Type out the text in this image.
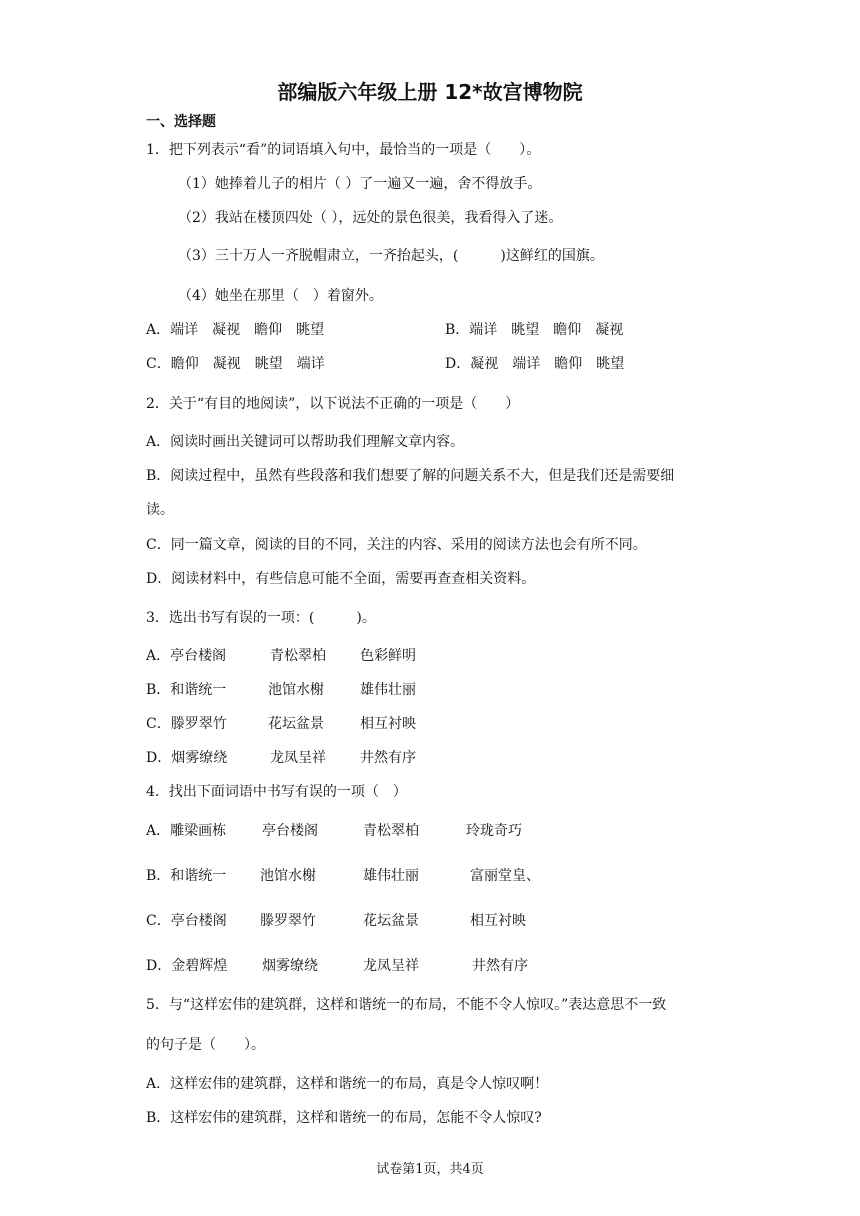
部编版六年级上册 12*故宫博物院
一、选择题
1．把下列表示“看”的词语填入句中，最恰当的一项是（　　）。
（1）她捧着儿子的相片（ ）了一遍又一遍，舍不得放手。
（2）我站在楼顶四处（ ），远处的景色很美，我看得入了迷。
（3）三十万人一齐脱帽肃立，一齐抬起头，(　　　)这鲜红的国旗。
（4）她坐在那里（　）着窗外。
A．端详　凝视　瞻仰　眺望	B．端详　眺望　瞻仰　凝视
C．瞻仰　凝视　眺望　端详	D．凝视　端详　瞻仰　眺望
2．关于“有目的地阅读”，以下说法不正确的一项是（　　）
A．阅读时画出关键词可以帮助我们理解文章内容。
B．阅读过程中，虽然有些段落和我们想要了解的问题关系不大，但是我们还是需要细
读。
C．同一篇文章，阅读的目的不同，关注的内容、采用的阅读方法也会有所不同。
D．阅读材料中，有些信息可能不全面，需要再查查相关资料。
3．选出书写有误的一项：(　　　)。
A．亭台楼阁	青松翠柏 色彩鲜明
B．和谐统一	池馆水榭	雄伟壮丽
C．滕罗翠竹	花坛盆景	相互衬映
D．烟雾缭绕	龙凤呈祥 井然有序
4．找出下面词语中书写有误的一项（　）
A．雕梁画栋	亭台楼阁	青松翠柏	玲珑奇巧
B．和谐统一 池馆水榭	雄伟壮丽	富丽堂皇、
C．亭台楼阁 滕罗翠竹	花坛盆景	相互衬映
D．金碧辉煌 烟雾缭绕	龙凤呈祥	井然有序
5．与“这样宏伟的建筑群，这样和谐统一的布局，不能不令人惊叹。”表达意思不一致
的句子是（　　）。
A．这样宏伟的建筑群，这样和谐统一的布局，真是令人惊叹啊！
B．这样宏伟的建筑群，这样和谐统一的布局，怎能不令人惊叹?
试卷第1页，共4页
